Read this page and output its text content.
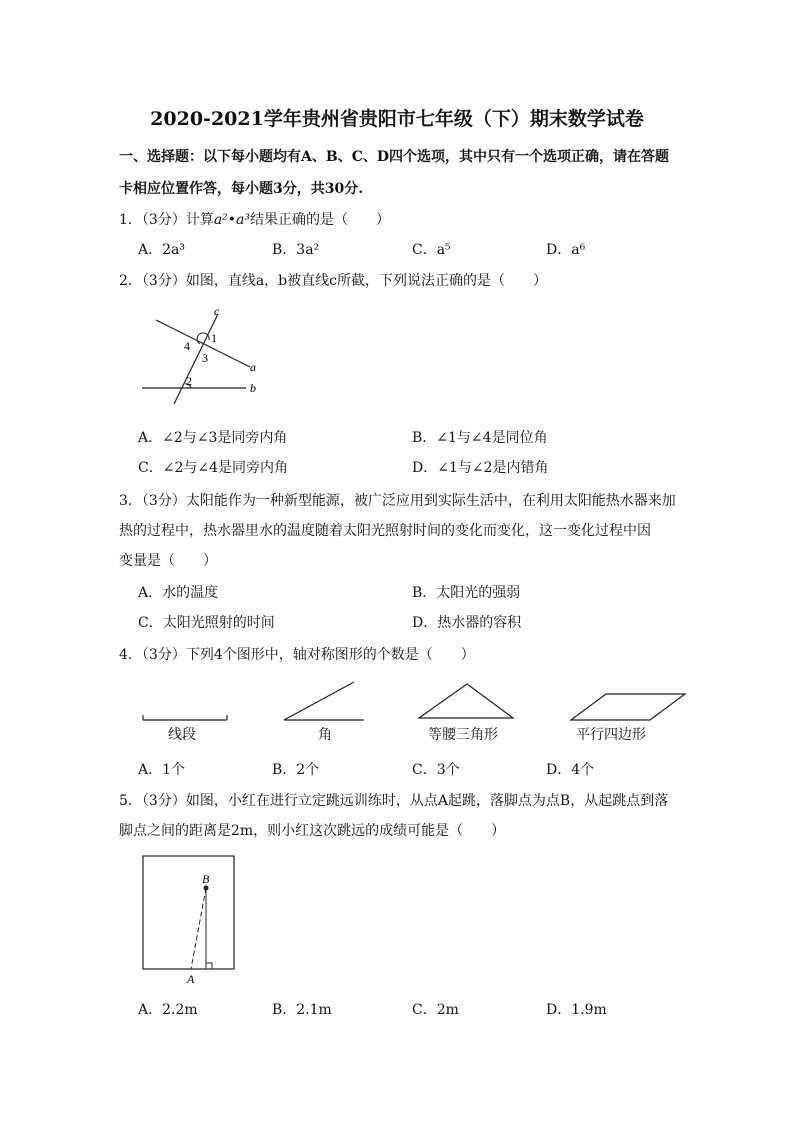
2020-2021学年贵州省贵阳市七年级（下）期末数学试卷
一、选择题：以下每小题均有A、B、C、D四个选项，其中只有一个选项正确，请在答题
卡相应位置作答，每小题3分，共30分.
1．（3分）计算a²•a³结果正确的是（　　）
A．2a³	B．3a²	C．a⁵	D．a⁶
2．（3分）如图，直线a，b被直线c所截，下列说法正确的是（　　）
c
1
4
3
a
2	b
A．∠2与∠3是同旁内角	B．∠1与∠4是同位角
C．∠2与∠4是同旁内角	D．∠1与∠2是内错角
3．（3分）太阳能作为一种新型能源，被广泛应用到实际生活中，在利用太阳能热水器来加
热的过程中，热水器里水的温度随着太阳光照射时间的变化而变化，这一变化过程中因
变量是（　　）
A．水的温度	B．太阳光的强弱
C．太阳光照射的时间	D．热水器的容积
4．（3分）下列4个图形中，轴对称图形的个数是（　　）
线段	角	等腰三角形	平行四边形
A．1个	B．2个	C．3个	D．4个
5．（3分）如图，小红在进行立定跳远训练时，从点A起跳，落脚点为点B，从起跳点到落
脚点之间的距离是2m，则小红这次跳远的成绩可能是（　　）
B
A
A．2.2m	B．2.1m	C．2m	D．1.9m
